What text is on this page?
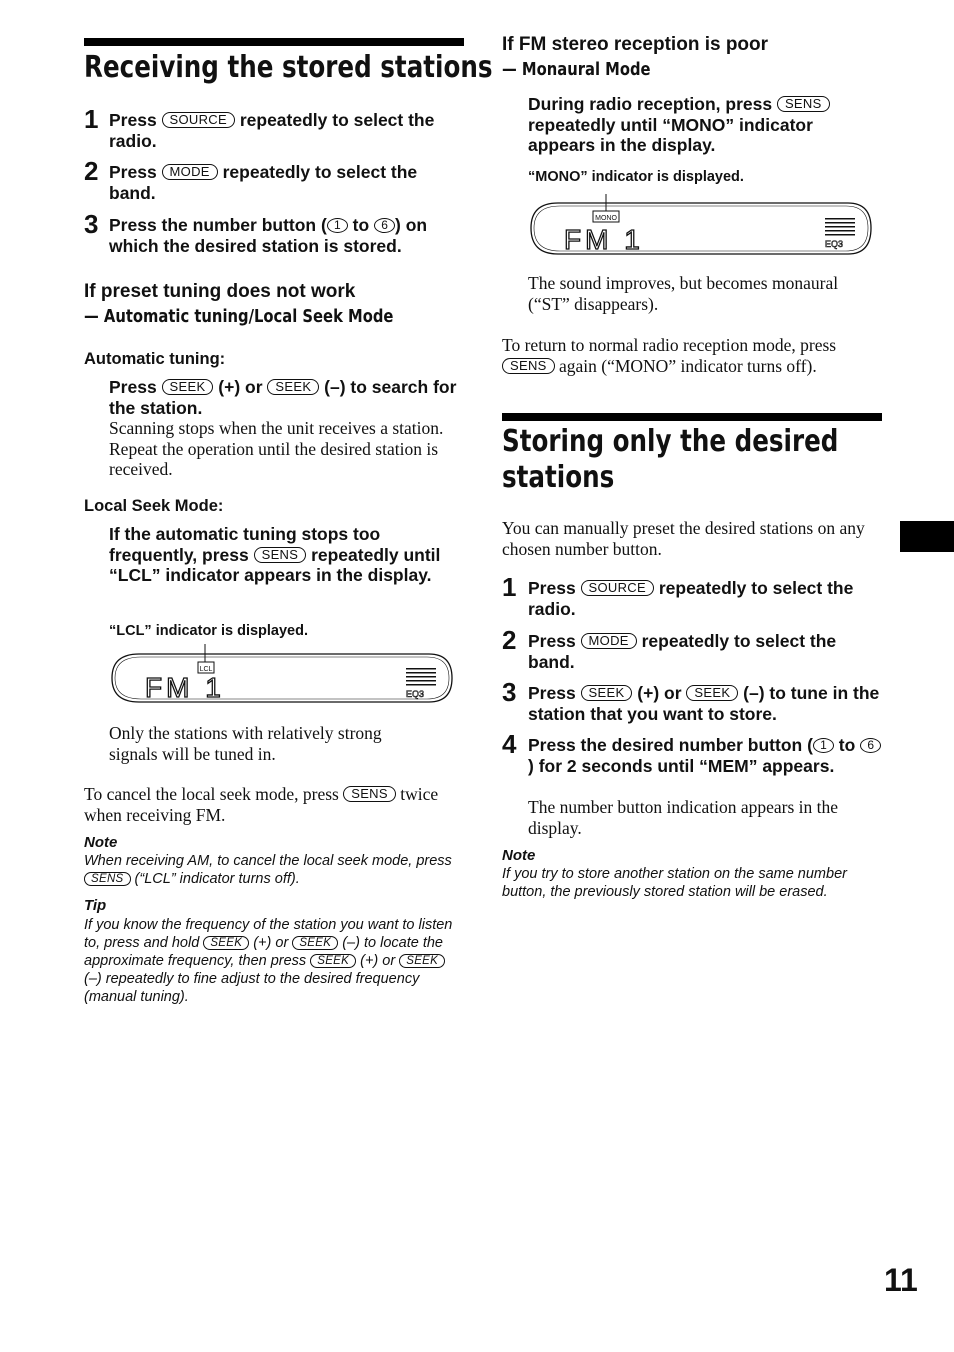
Receiving the stored stations
1 Press SOURCE repeatedly to select the radio.
2 Press MODE repeatedly to select the band.
3 Press the number button ( 1 to 6 ) on which the desired station is stored.
If preset tuning does not work
— Automatic tuning/Local Seek Mode
Automatic tuning:
Press SEEK (+) or SEEK (–) to search for the station.
Scanning stops when the unit receives a station. Repeat the operation until the desired station is received.
Local Seek Mode:
If the automatic tuning stops too frequently, press SENS repeatedly until “LCL” indicator appears in the display.
“LCL” indicator is displayed.
LCL
FM 1	EQ3
Only the stations with relatively strong signals will be tuned in.
To cancel the local seek mode, press SENS twice when receiving FM.
Note
When receiving AM, to cancel the local seek mode, press SENS (“LCL” indicator turns off).
Tip
If you know the frequency of the station you want to listen to, press and hold SEEK (+) or SEEK (–) to locate the approximate frequency, then press SEEK (+) or SEEK (–) repeatedly to fine adjust to the desired frequency (manual tuning).
If FM stereo reception is poor
— Monaural Mode
During radio reception, press SENS repeatedly until “MONO” indicator appears in the display.
“MONO” indicator is displayed.
MONO
FM 1	EQ3
The sound improves, but becomes monaural (“ST” disappears).
To return to normal radio reception mode, press SENS again (“MONO” indicator turns off).
Storing only the desired stations
You can manually preset the desired stations on any chosen number button.
1 Press SOURCE repeatedly to select the radio.
2 Press MODE repeatedly to select the band.
3 Press SEEK (+) or SEEK (–) to tune in the station that you want to store.
4 Press the desired number button ( 1 to 6) for 2 seconds until “MEM” appears.
The number button indication appears in the display.
Note
If you try to store another station on the same number button, the previously stored station will be erased.
11
